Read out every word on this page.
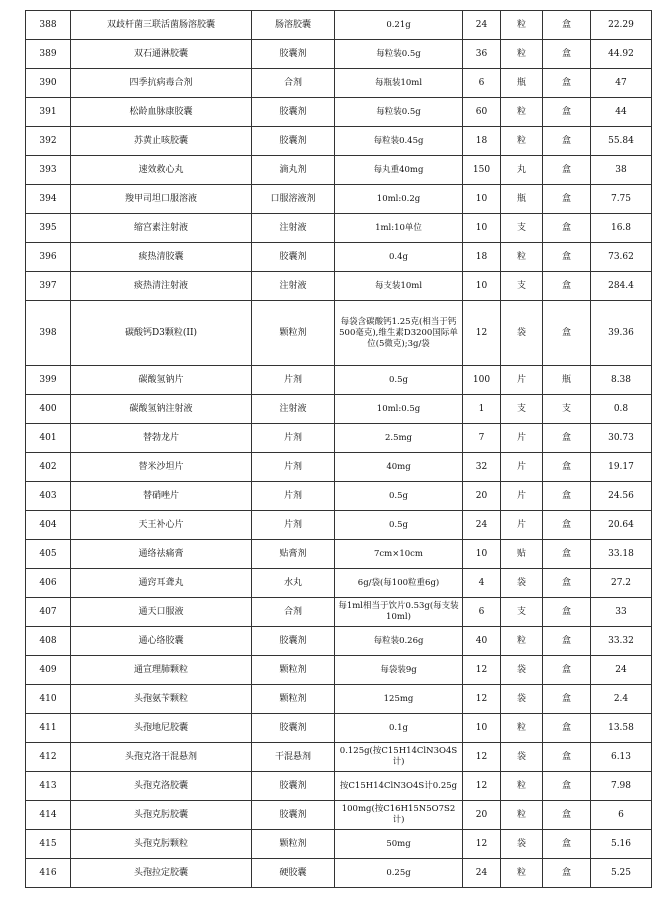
388	双歧杆菌三联活菌肠溶胶囊	肠溶胶囊	0.21g	24	粒	盒	22.29
389	双石通淋胶囊	胶囊剂	每粒装0.5g	36	粒	盒	44.92
390	四季抗病毒合剂	合剂	每瓶装10ml	6	瓶	盒	47
391	松龄血脉康胶囊	胶囊剂	每粒装0.5g	60	粒	盒	44
392	苏黄止咳胶囊	胶囊剂	每粒装0.45g	18	粒	盒	55.84
393	速效救心丸	滴丸剂	每丸重40mg	150	丸	盒	38
394	羧甲司坦口服溶液	口服溶液剂	10ml:0.2g	10	瓶	盒	7.75
395	缩宫素注射液	注射液	1ml:10单位	10	支	盒	16.8
396	痰热清胶囊	胶囊剂	0.4g	18	粒	盒	73.62
397	痰热清注射液	注射液	每支装10ml	10	支	盒	284.4
398	碳酸钙D3颗粒(II)	颗粒剂	每袋含碳酸钙1.25克(相当于钙500毫克),维生素D3200国际单位(5微克);3g/袋	12	袋	盒	39.36
399	碳酸氢钠片	片剂	0.5g	100	片	瓶	8.38
400	碳酸氢钠注射液	注射液	10ml:0.5g	1	支	支	0.8
401	替勃龙片	片剂	2.5mg	7	片	盒	30.73
402	替米沙坦片	片剂	40mg	32	片	盒	19.17
403	替硝唑片	片剂	0.5g	20	片	盒	24.56
404	天王补心片	片剂	0.5g	24	片	盒	20.64
405	通络祛痛膏	贴膏剂	7cm×10cm	10	贴	盒	33.18
406	通窍耳聋丸	水丸	6g/袋(每100粒重6g)	4	袋	盒	27.2
407	通天口服液	合剂	每1ml相当于饮片0.53g(每支装10ml)	6	支	盒	33
408	通心络胶囊	胶囊剂	每粒装0.26g	40	粒	盒	33.32
409	通宣理肺颗粒	颗粒剂	每袋装9g	12	袋	盒	24
410	头孢氨苄颗粒	颗粒剂	125mg	12	袋	盒	2.4
411	头孢地尼胶囊	胶囊剂	0.1g	10	粒	盒	13.58
412	头孢克洛干混悬剂	干混悬剂	0.125g(按C15H14ClN3O4S计)	12	袋	盒	6.13
413	头孢克洛胶囊	胶囊剂	按C15H14ClN3O4S计0.25g	12	粒	盒	7.98
414	头孢克肟胶囊	胶囊剂	100mg(按C16H15N5O7S2计)	20	粒	盒	6
415	头孢克肟颗粒	颗粒剂	50mg	12	袋	盒	5.16
416	头孢拉定胶囊	硬胶囊	0.25g	24	粒	盒	5.25
